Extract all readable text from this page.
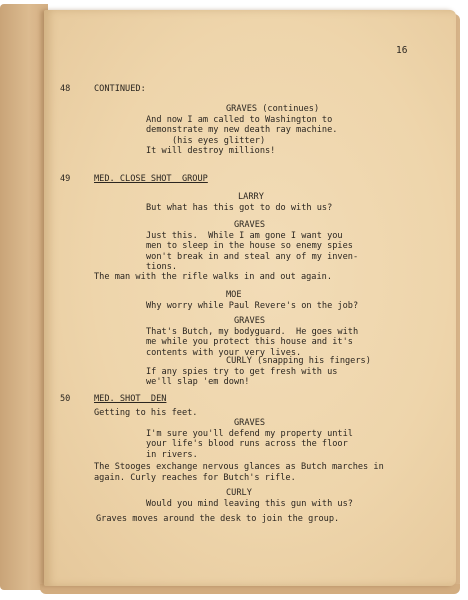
16
48	CONTINUED:
GRAVES (continues)
And now I am called to Washington to
demonstrate my new death ray machine.
(his eyes glitter)
It will destroy millions!
49	MED. CLOSE SHOT  GROUP
LARRY
But what has this got to do with us?
GRAVES
Just this.  While I am gone I want you
men to sleep in the house so enemy spies
won't break in and steal any of my inven-
tions.
The man with the rifle walks in and out again.
MOE
Why worry while Paul Revere's on the job?
GRAVES
That's Butch, my bodyguard.  He goes with
me while you protect this house and it's
contents with your very lives.
CURLY (snapping his fingers)
If any spies try to get fresh with us
we'll slap 'em down!
50	MED. SHOT  DEN
Getting to his feet.
GRAVES
I'm sure you'll defend my property until
your life's blood runs across the floor
in rivers.
The Stooges exchange nervous glances as Butch marches in
again. Curly reaches for Butch's rifle.
CURLY
Would you mind leaving this gun with us?
Graves moves around the desk to join the group.
